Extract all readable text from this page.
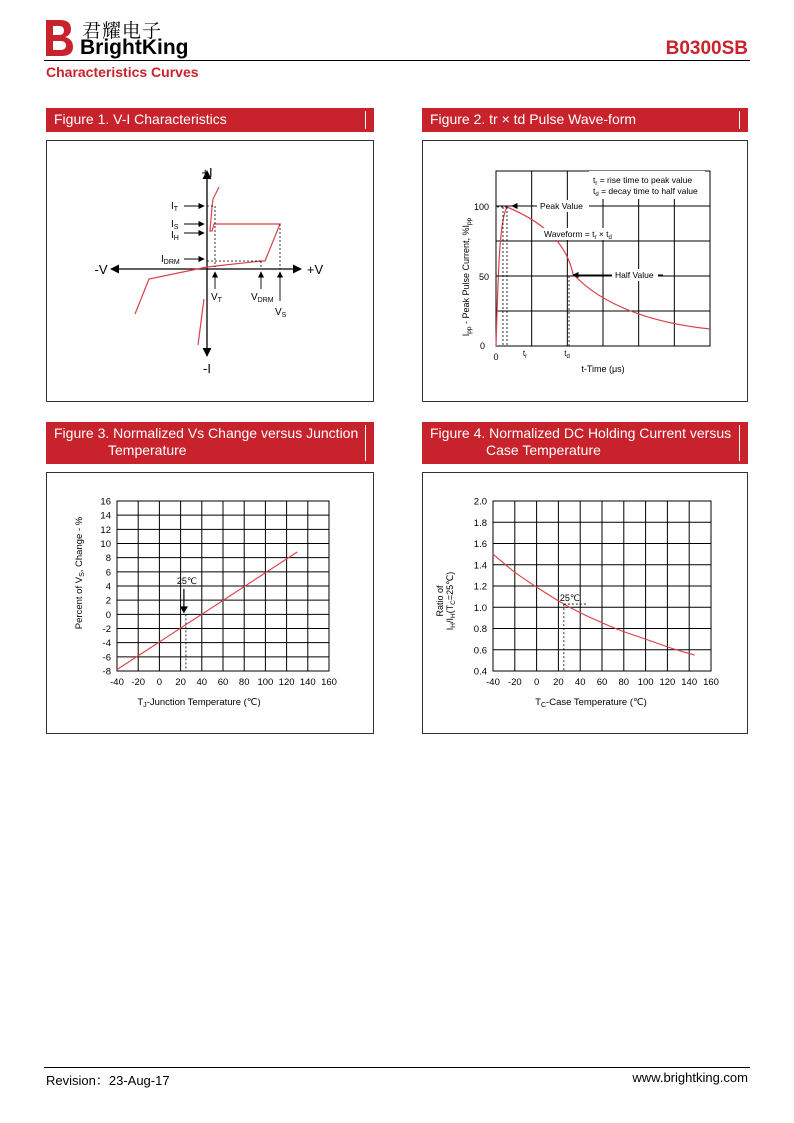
君耀电子
BrightKing	B0300SB
Characteristics Curves
Figure 1. V-I Characteristics	Figure 2. tr × td Pulse Wave-form
Figure 3. Normalized Vs Change versus Junction
Temperature
Figure 4. Normalized DC Holding Current versus
Case Temperature
+I
-I
-V	+V
$I_T$
$I_S$
$I_H$
$I_{DRM}$
$V_T$	$V_{DRM}$
$V_S$
$t_r$ = rise time to peak value
$t_d$ = decay time to half value
Peak Value
Waveform = $t_r \times t_d$
Half Value
100
50
0
0	$t_r$	$t_d$
t-Time (μs)
$I_{pp}$ - Peak Pulse Current, $\%I_{pp}$
-40 -20 0 20 40 60 80 100 120 140 160
16
14
12
10
8
6
4
2
0
-2
-4
-6
-8
25℃
$T_J$-Junction Temperature (℃)
Percent of $V_S$, Change - %
-40 -20 0 20 40 60 80 100 120 140 160
2.0
1.8
1.6
1.4
1.2
1.0
0.8
0.6
0.4
25℃
$T_C$-Case Temperature (℃)
Ratio of
$I_H/I_H(T_C=25℃)$
Revision：23-Aug-17	www.brightking.com
